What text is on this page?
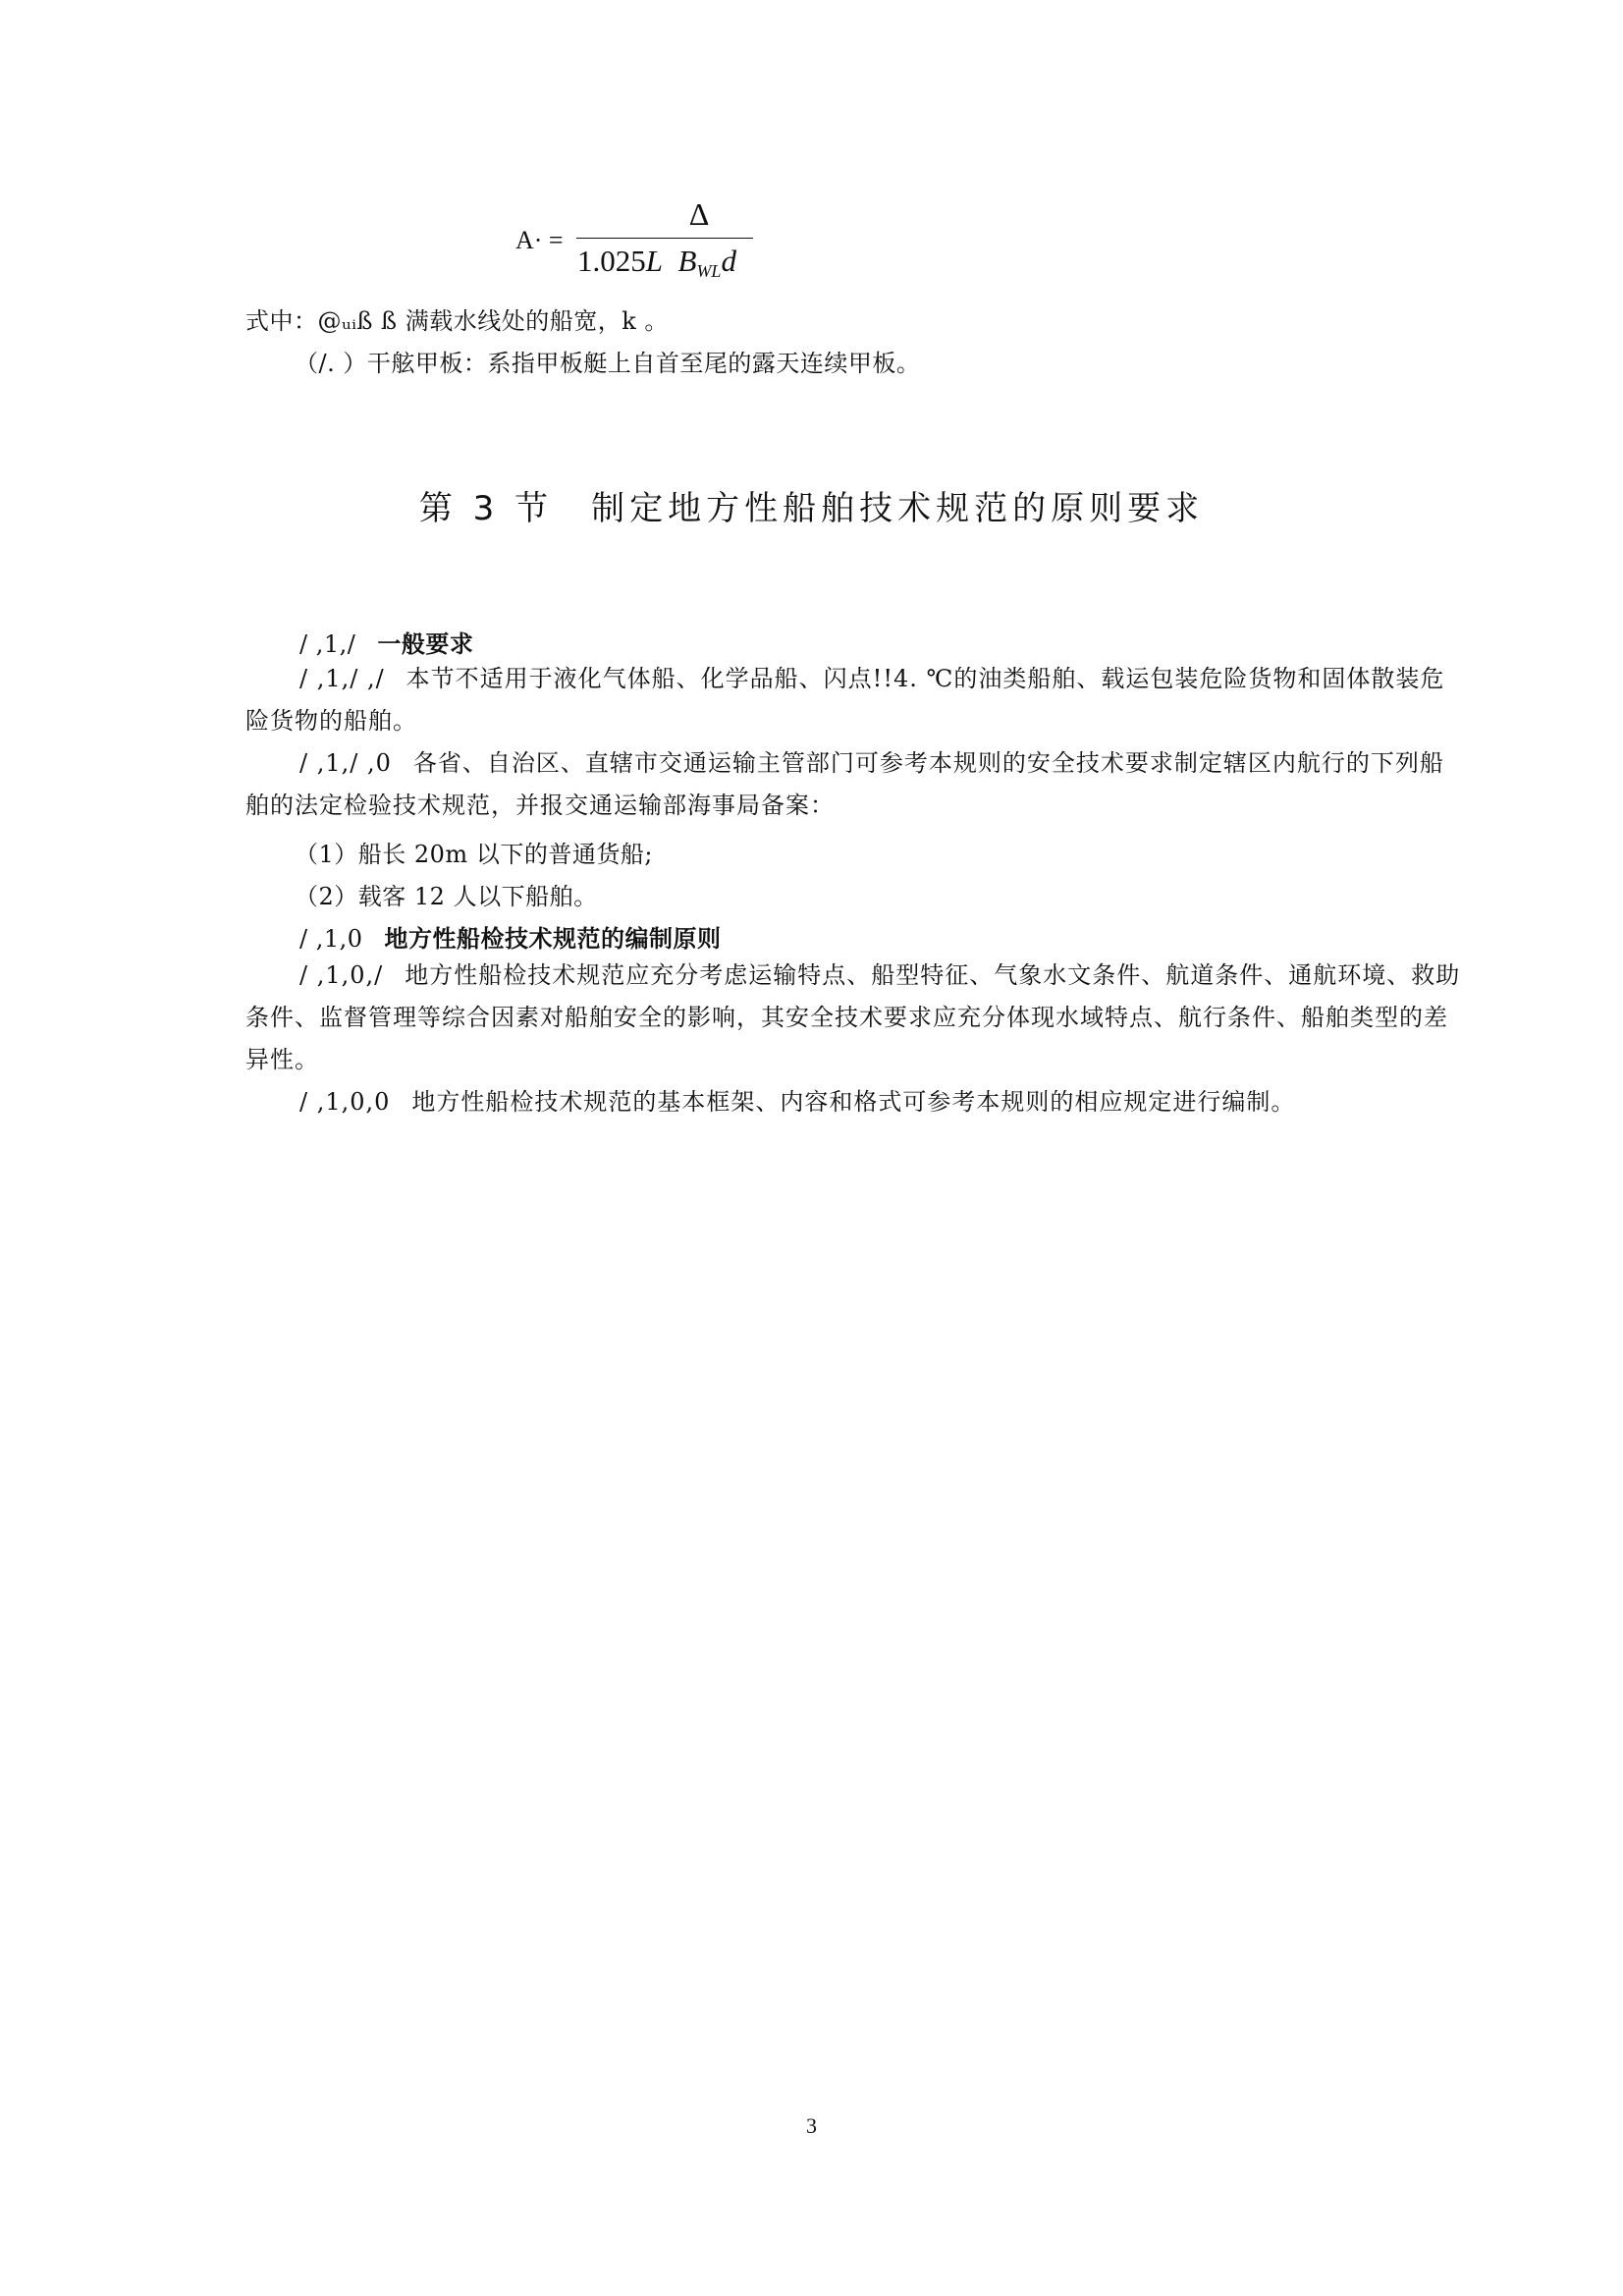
A· =
Δ
1.025L $B_{WL}d$
式中：@ᵤᵢß ß 满载水线处的船宽，k 。
（/. ）干舷甲板：系指甲板艇上自首至尾的露天连续甲板。
第 3 节　制定地方性船舶技术规范的原则要求
/ ,1,/ 一般要求
/ ,1,/ ,/ 本节不适用于液化气体船、化学品船、闪点!!4. ℃的油类船舶、载运包装危险货物和固体散装危险货物的船舶。
/ ,1,/ ,0 各省、自治区、直辖市交通运输主管部门可参考本规则的安全技术要求制定辖区内航行的下列船舶的法定检验技术规范，并报交通运输部海事局备案：
（1）船长 20m 以下的普通货船;
（2）载客 12 人以下船舶。
/ ,1,0 地方性船检技术规范的编制原则
/ ,1,0,/ 地方性船检技术规范应充分考虑运输特点、船型特征、气象水文条件、航道条件、通航环境、救助条件、监督管理等综合因素对船舶安全的影响，其安全技术要求应充分体现水域特点、航行条件、船舶类型的差异性。
/ ,1,0,0 地方性船检技术规范的基本框架、内容和格式可参考本规则的相应规定进行编制。
3
